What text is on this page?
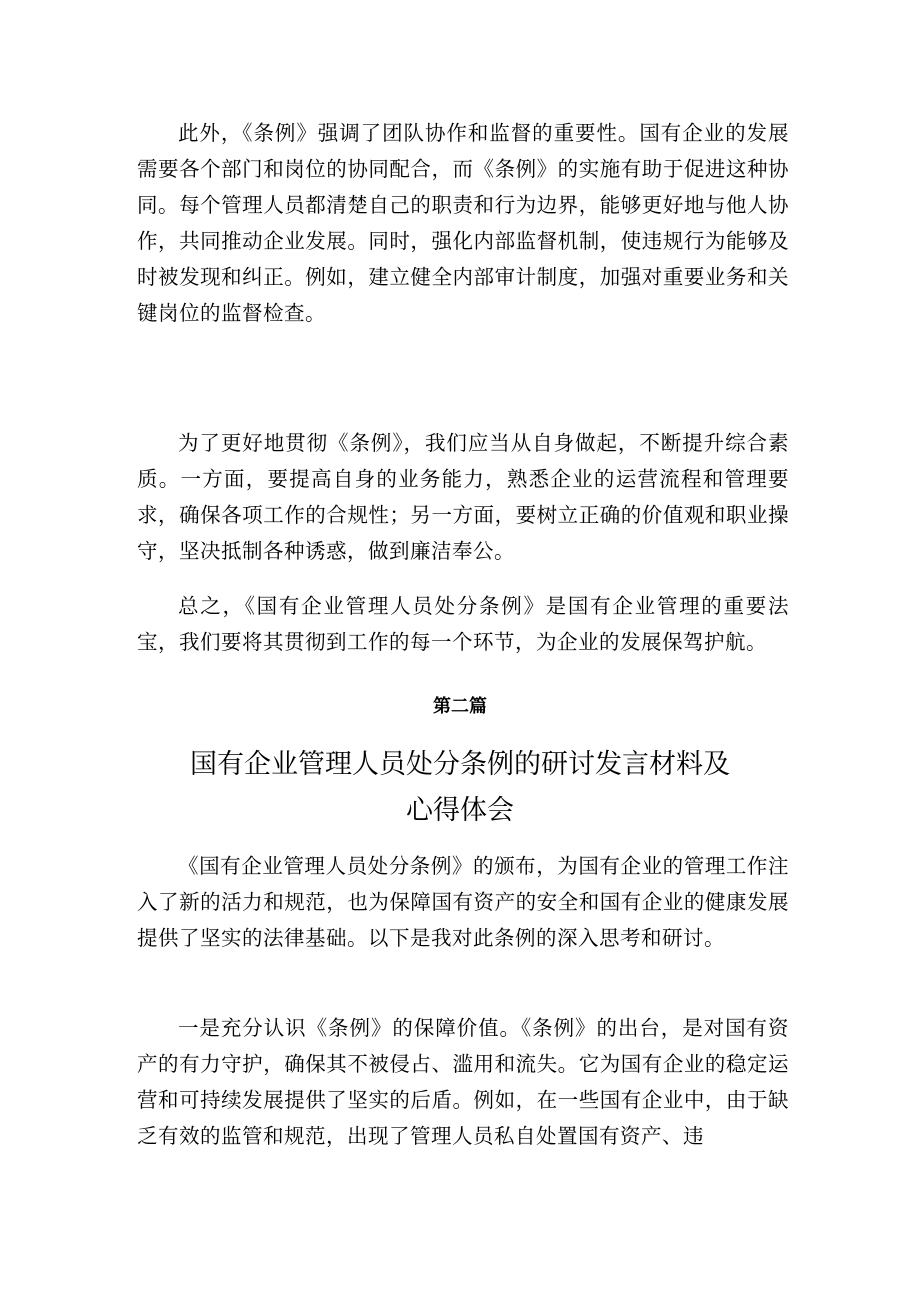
此外，《条例》强调了团队协作和监督的重要性。国有企业的发展需要各个部门和岗位的协同配合，而《条例》的实施有助于促进这种协同。每个管理人员都清楚自己的职责和行为边界，能够更好地与他人协作，共同推动企业发展。同时，强化内部监督机制，使违规行为能够及时被发现和纠正。例如，建立健全内部审计制度，加强对重要业务和关键岗位的监督检查。

为了更好地贯彻《条例》，我们应当从自身做起，不断提升综合素质。一方面，要提高自身的业务能力，熟悉企业的运营流程和管理要求，确保各项工作的合规性；另一方面，要树立正确的价值观和职业操守，坚决抵制各种诱惑，做到廉洁奉公。

总之，《国有企业管理人员处分条例》是国有企业管理的重要法宝，我们要将其贯彻到工作的每一个环节，为企业的发展保驾护航。

第二篇

国有企业管理人员处分条例的研讨发言材料及
心得体会

《国有企业管理人员处分条例》的颁布，为国有企业的管理工作注入了新的活力和规范，也为保障国有资产的安全和国有企业的健康发展提供了坚实的法律基础。以下是我对此条例的深入思考和研讨。

一是充分认识《条例》的保障价值。《条例》的出台，是对国有资产的有力守护，确保其不被侵占、滥用和流失。它为国有企业的稳定运营和可持续发展提供了坚实的后盾。例如，在一些国有企业中，由于缺乏有效的监管和规范，出现了管理人员私自处置国有资产、违
